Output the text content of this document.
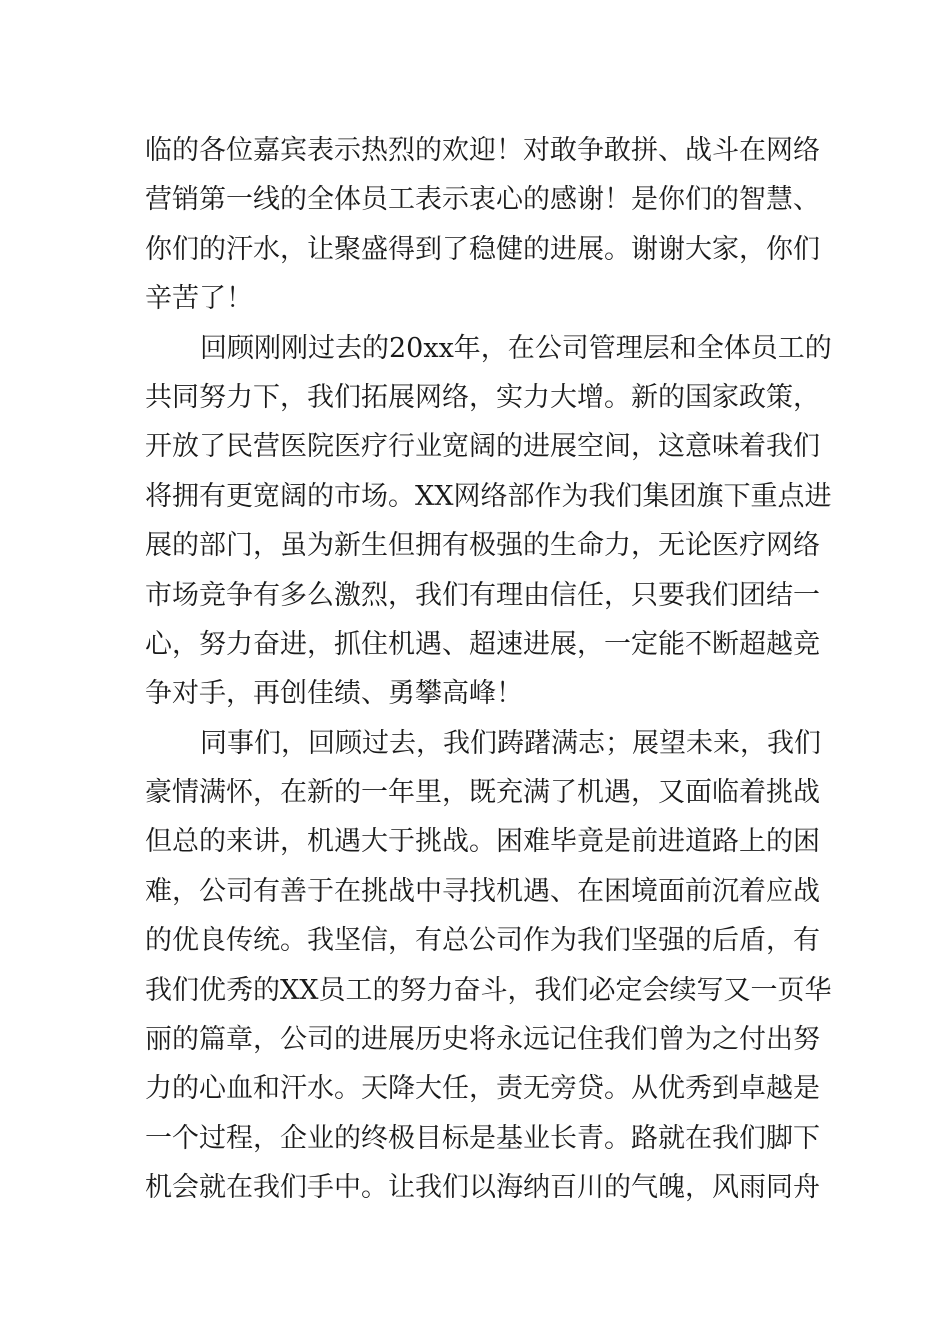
临的各位嘉宾表示热烈的欢迎！对敢争敢拼、战斗在网络
营销第一线的全体员工表示衷心的感谢！是你们的智慧、
你们的汗水，让聚盛得到了稳健的进展。谢谢大家，你们
辛苦了！
回顾刚刚过去的20xx年，在公司管理层和全体员工的
共同努力下，我们拓展网络，实力大增。新的国家政策，
开放了民营医院医疗行业宽阔的进展空间，这意味着我们
将拥有更宽阔的市场。XX网络部作为我们集团旗下重点进
展的部门，虽为新生但拥有极强的生命力，无论医疗网络
市场竞争有多么激烈，我们有理由信任，只要我们团结一
心，努力奋进，抓住机遇、超速进展，一定能不断超越竞
争对手，再创佳绩、勇攀高峰！
同事们，回顾过去，我们踌躇满志；展望未来，我们
豪情满怀，在新的一年里，既充满了机遇，又面临着挑战
但总的来讲，机遇大于挑战。困难毕竟是前进道路上的困
难，公司有善于在挑战中寻找机遇、在困境面前沉着应战
的优良传统。我坚信，有总公司作为我们坚强的后盾，有
我们优秀的XX员工的努力奋斗，我们必定会续写又一页华
丽的篇章，公司的进展历史将永远记住我们曾为之付出努
力的心血和汗水。天降大任，责无旁贷。从优秀到卓越是
一个过程，企业的终极目标是基业长青。路就在我们脚下
机会就在我们手中。让我们以海纳百川的气魄，风雨同舟
